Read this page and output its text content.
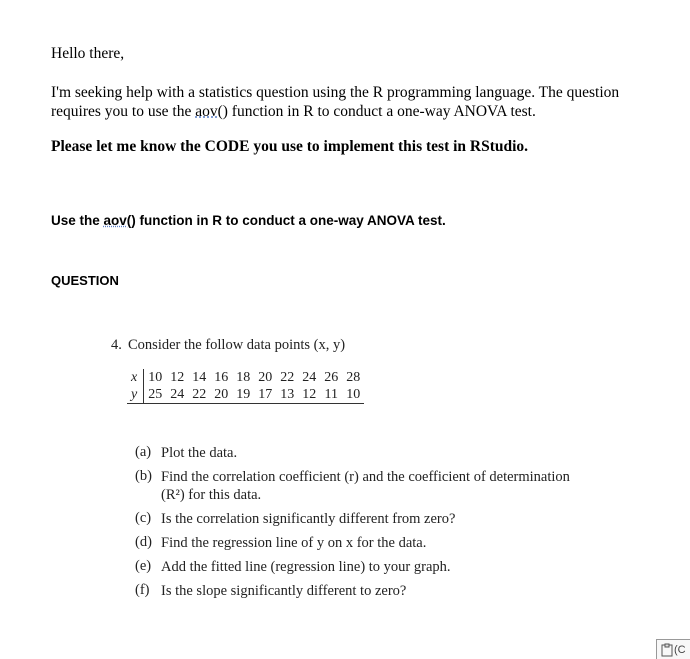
Hello there,
I'm seeking help with a statistics question using the R programming language. The question requires you to use the aov() function in R to conduct a one-way ANOVA test.
Please let me know the CODE you use to implement this test in RStudio.
Use the aov() function in R to conduct a one-way ANOVA test.
QUESTION
4. Consider the follow data points (x, y)
x	10	12	14	16	18	20	22	24	26	28
y	25	24	22	20	19	17	13	12	11	10
(a) Plot the data.
(b) Find the correlation coefficient (r) and the coefficient of determination
(R²) for this data.
(c) Is the correlation significantly different from zero?
(d) Find the regression line of y on x for the data.
(e) Add the fitted line (regression line) to your graph.
(f) Is the slope significantly different to zero?
(C
